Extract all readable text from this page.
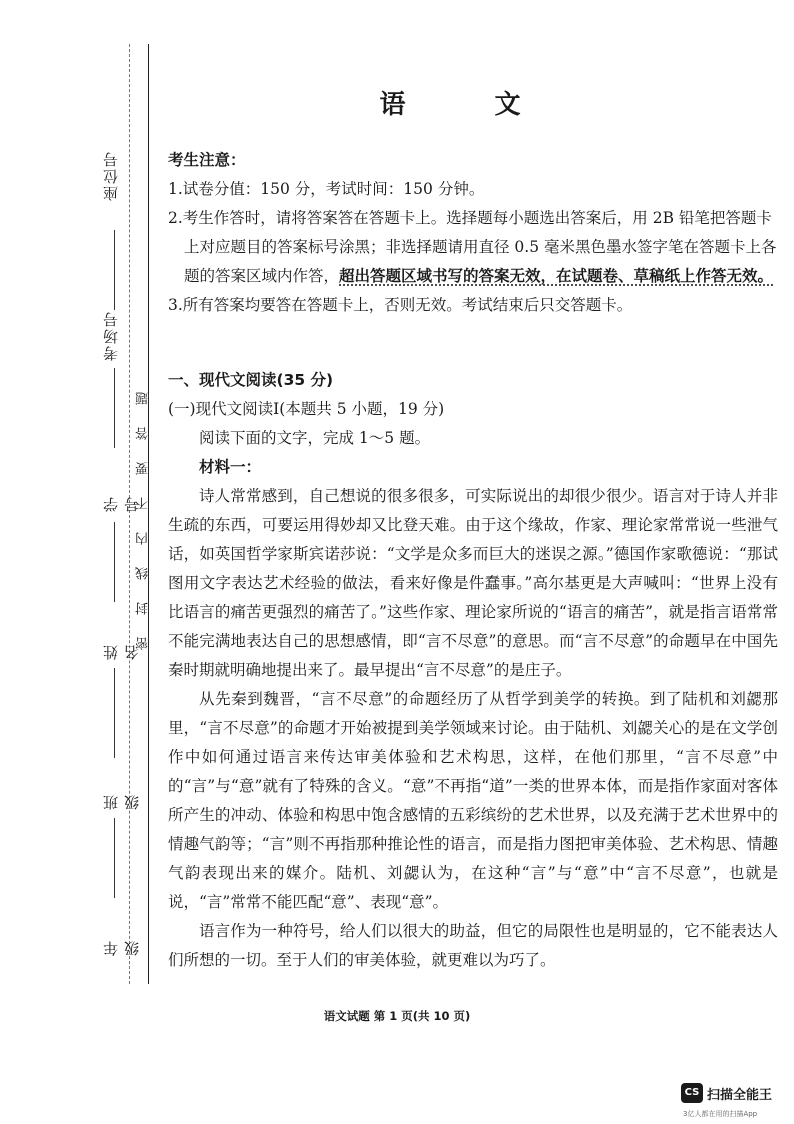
座位号
考场号
学号
姓名
班级
年级
密封线内不要答题
语 文
考生注意：
1.试卷分值：150 分，考试时间：150 分钟。
2.考生作答时，请将答案答在答题卡上。选择题每小题选出答案后，用 2B 铅笔把答题卡上对应题目的答案标号涂黑；非选择题请用直径 0.5 毫米黑色墨水签字笔在答题卡上各题的答案区域内作答，超出答题区域书写的答案无效，在试题卷、草稿纸上作答无效。
3.所有答案均要答在答题卡上，否则无效。考试结束后只交答题卡。
一、现代文阅读(35 分)
(一)现代文阅读Ⅰ(本题共 5 小题，19 分)
阅读下面的文字，完成 1～5 题。
材料一：

诗人常常感到，自己想说的很多很多，可实际说出的却很少很少。语言对于诗人并非生疏的东西，可要运用得妙却又比登天难。由于这个缘故，作家、理论家常常说一些泄气话，如英国哲学家斯宾诺莎说：“文学是众多而巨大的迷误之源。”德国作家歌德说：“那试图用文字表达艺术经验的做法，看来好像是件蠢事。”高尔基更是大声喊叫：“世界上没有比语言的痛苦更强烈的痛苦了。”这些作家、理论家所说的“语言的痛苦”，就是指言语常常不能完满地表达自己的思想感情，即“言不尽意”的意思。而“言不尽意”的命题早在中国先秦时期就明确地提出来了。最早提出“言不尽意”的是庄子。

从先秦到魏晋，“言不尽意”的命题经历了从哲学到美学的转换。到了陆机和刘勰那里，“言不尽意”的命题才开始被提到美学领域来讨论。由于陆机、刘勰关心的是在文学创作中如何通过语言来传达审美体验和艺术构思，这样，在他们那里，“言不尽意”中的“言”与“意”就有了特殊的含义。“意”不再指“道”一类的世界本体，而是指作家面对客体所产生的冲动、体验和构思中饱含感情的五彩缤纷的艺术世界，以及充满于艺术世界中的情趣气韵等；“言”则不再指那种推论性的语言，而是指力图把审美体验、艺术构思、情趣气韵表现出来的媒介。陆机、刘勰认为，在这种“言”与“意”中“言不尽意”，也就是说，“言”常常不能匹配“意”、表现“意”。

语言作为一种符号，给人们以很大的助益，但它的局限性也是明显的，它不能表达人们所想的一切。至于人们的审美体验，就更难以为巧了。

语文试题 第 1 页(共 10 页)
CS 扫描全能王
3亿人都在用的扫描App
